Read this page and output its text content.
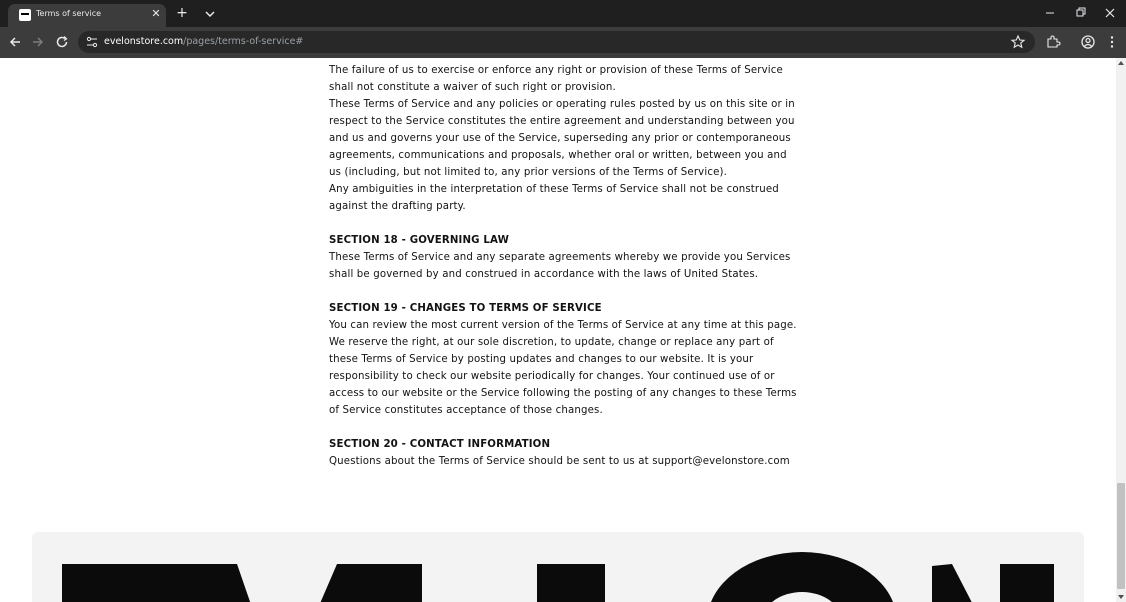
Terms of service	✕ +
evelonstore.com/pages/terms-of-service#

The failure of us to exercise or enforce any right or provision of these Terms of Service shall not constitute a waiver of such right or provision.

These Terms of Service and any policies or operating rules posted by us on this site or in respect to the Service constitutes the entire agreement and understanding between you and us and governs your use of the Service, superseding any prior or contemporaneous agreements, communications and proposals, whether oral or written, between you and us (including, but not limited to, any prior versions of the Terms of Service).

Any ambiguities in the interpretation of these Terms of Service shall not be construed against the drafting party.

SECTION 18 - GOVERNING LAW

These Terms of Service and any separate agreements whereby we provide you Services shall be governed by and construed in accordance with the laws of United States.

SECTION 19 - CHANGES TO TERMS OF SERVICE

You can review the most current version of the Terms of Service at any time at this page.

We reserve the right, at our sole discretion, to update, change or replace any part of these Terms of Service by posting updates and changes to our website. It is your responsibility to check our website periodically for changes. Your continued use of or access to our website or the Service following the posting of any changes to these Terms of Service constitutes acceptance of those changes.

SECTION 20 - CONTACT INFORMATION

Questions about the Terms of Service should be sent to us at support@evelonstore.com
